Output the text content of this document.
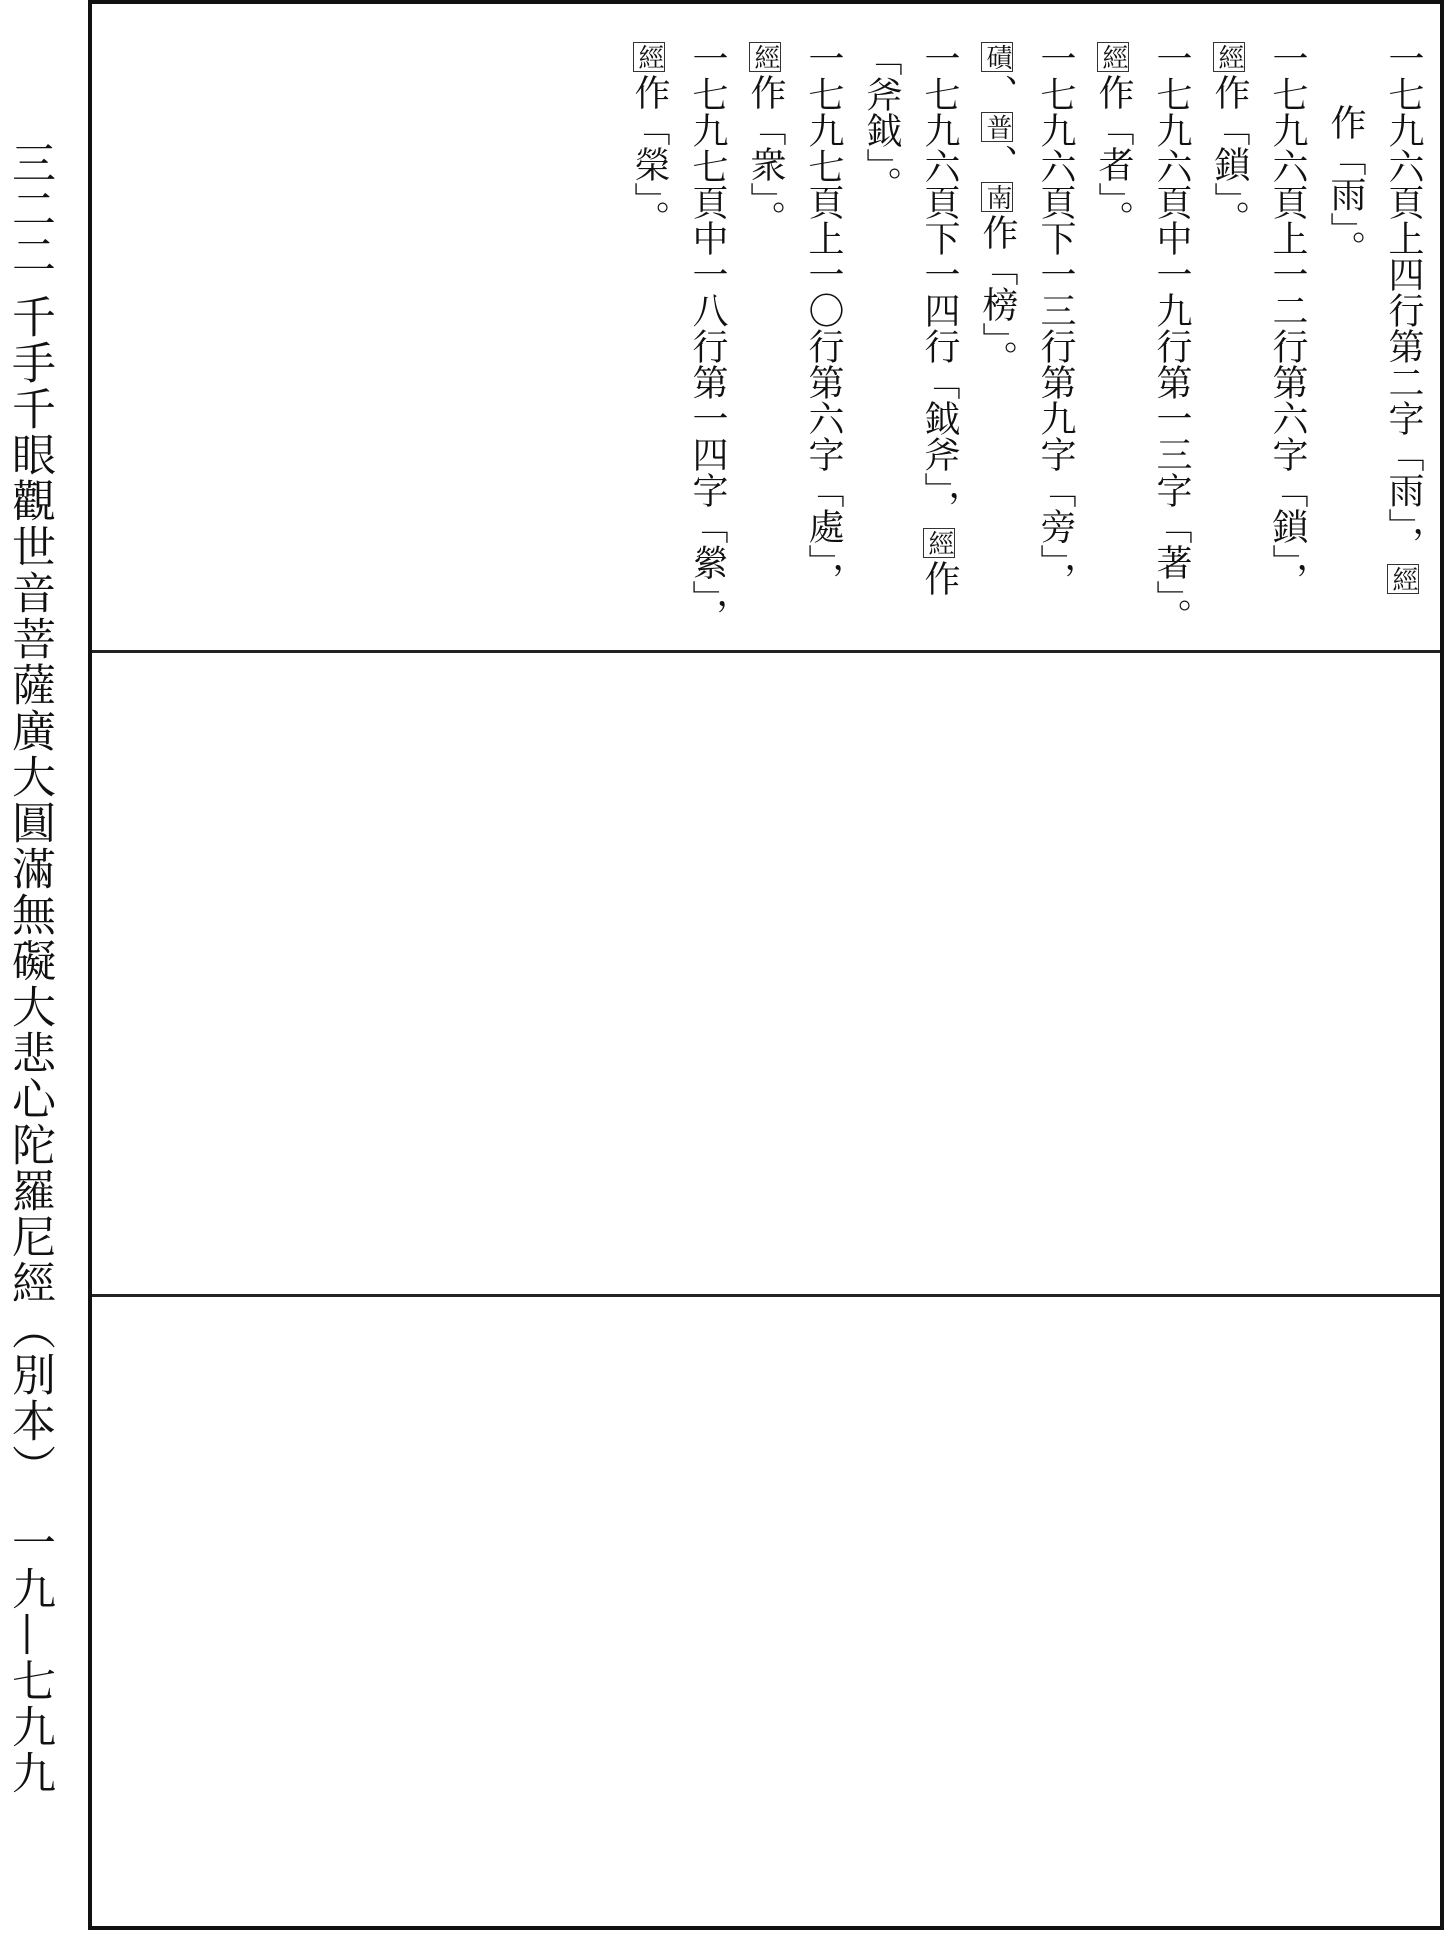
三二二 千手千眼觀世音菩薩廣大圓滿無礙大悲心陀羅尼經（別本）
一九—七九九
一七九六頁上四行第二字「雨」，經
作「雨」。
一七九六頁上一二行第六字「鎖」，
經作「鎖」。
一七九六頁中一九行第一三字「著」。
經作「者」。
一七九六頁下一三行第九字「旁」，
磧、普、南作「榜」。
一七九六頁下一四行「鉞斧」，經作
「斧鉞」。
一七九七頁上一〇行第六字「處」，
經作「衆」。
一七九七頁中一八行第一四字「縈」，
經作「榮」。
